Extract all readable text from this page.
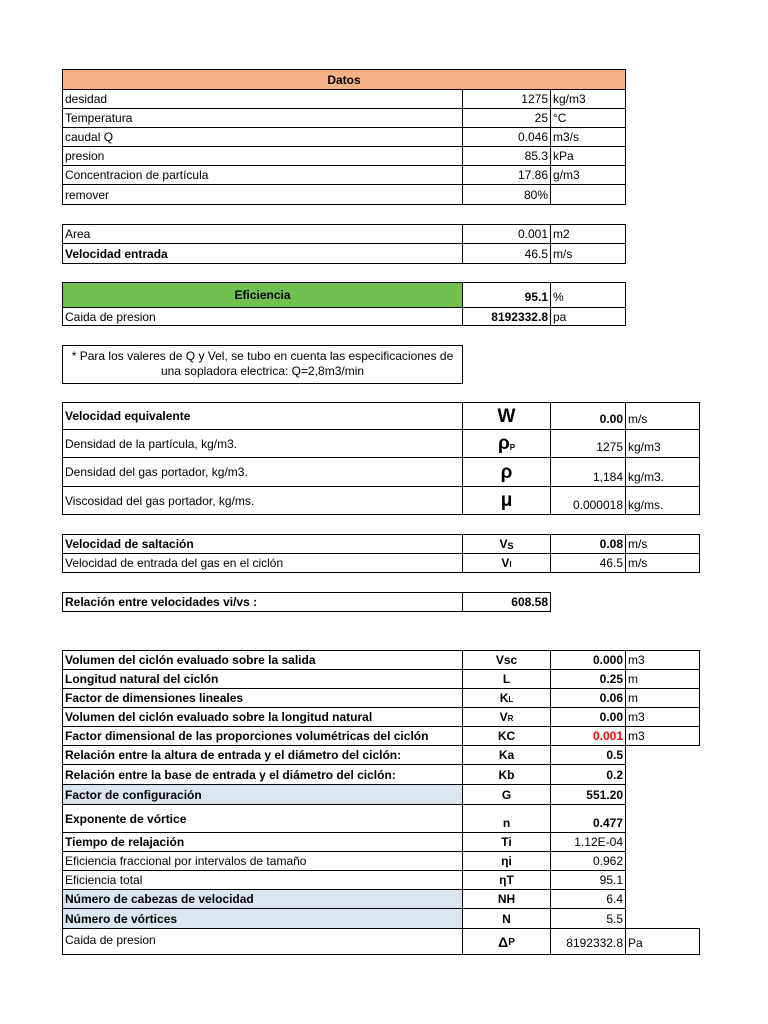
Datos
desidad	1275 kg/m3
Temperatura	25 °C
caudal Q	0.046 m3/s
presion	85.3 kPa
Concentracion de partícula	17.86 g/m3
remover	80%
Area	0.001 m2
Velocidad entrada	46.5 m/s
Eficiencia	95.1 %
Caida de presion	8192332.8 pa
* Para los valeres de Q y Vel, se tubo en cuenta las especificaciones de una sopladora electrica: Q=2,8m3/min
Velocidad equivalente	W	0.00 m/s
Densidad de la partícula, kg/m3.	ρ P	1275 kg/m3
Densidad del gas portador, kg/m3.	ρ	1,184 kg/m3.
Viscosidad del gas portador, kg/ms.	μ	0.000018 kg/ms.
Velocidad de saltación	V S	0.08 m/s
Velocidad de entrada del gas en el ciclón	V I	46.5 m/s
Relación entre velocidades vi/vs :	608.58
Volumen del ciclón evaluado sobre la salida	Vsc	0.000 m3
Longitud natural del ciclón	L	0.25 m
Factor de dimensiones lineales	K L	0.06 m
Volumen del ciclón evaluado sobre la longitud natural	V R	0.00 m3
Factor dimensional de las proporciones volumétricas del ciclón	KC	0.001 m3
Relación entre la altura de entrada y el diámetro del ciclón:	Ka	0.5
Relación entre la base de entrada y el diámetro del ciclón:	Kb	0.2
Factor de configuración	G	551.20
Exponente de vórtice	n	0.477
Tiempo de relajación	Ti	1.12E-04
Eficiencia fraccional por intervalos de tamaño	ηi	0.962
Eficiencia total	ηT	95.1
Número de cabezas de velocidad	NH	6.4
Número de vórtices	N	5.5
Caida de presion	Δ P	8192332.8 Pa
